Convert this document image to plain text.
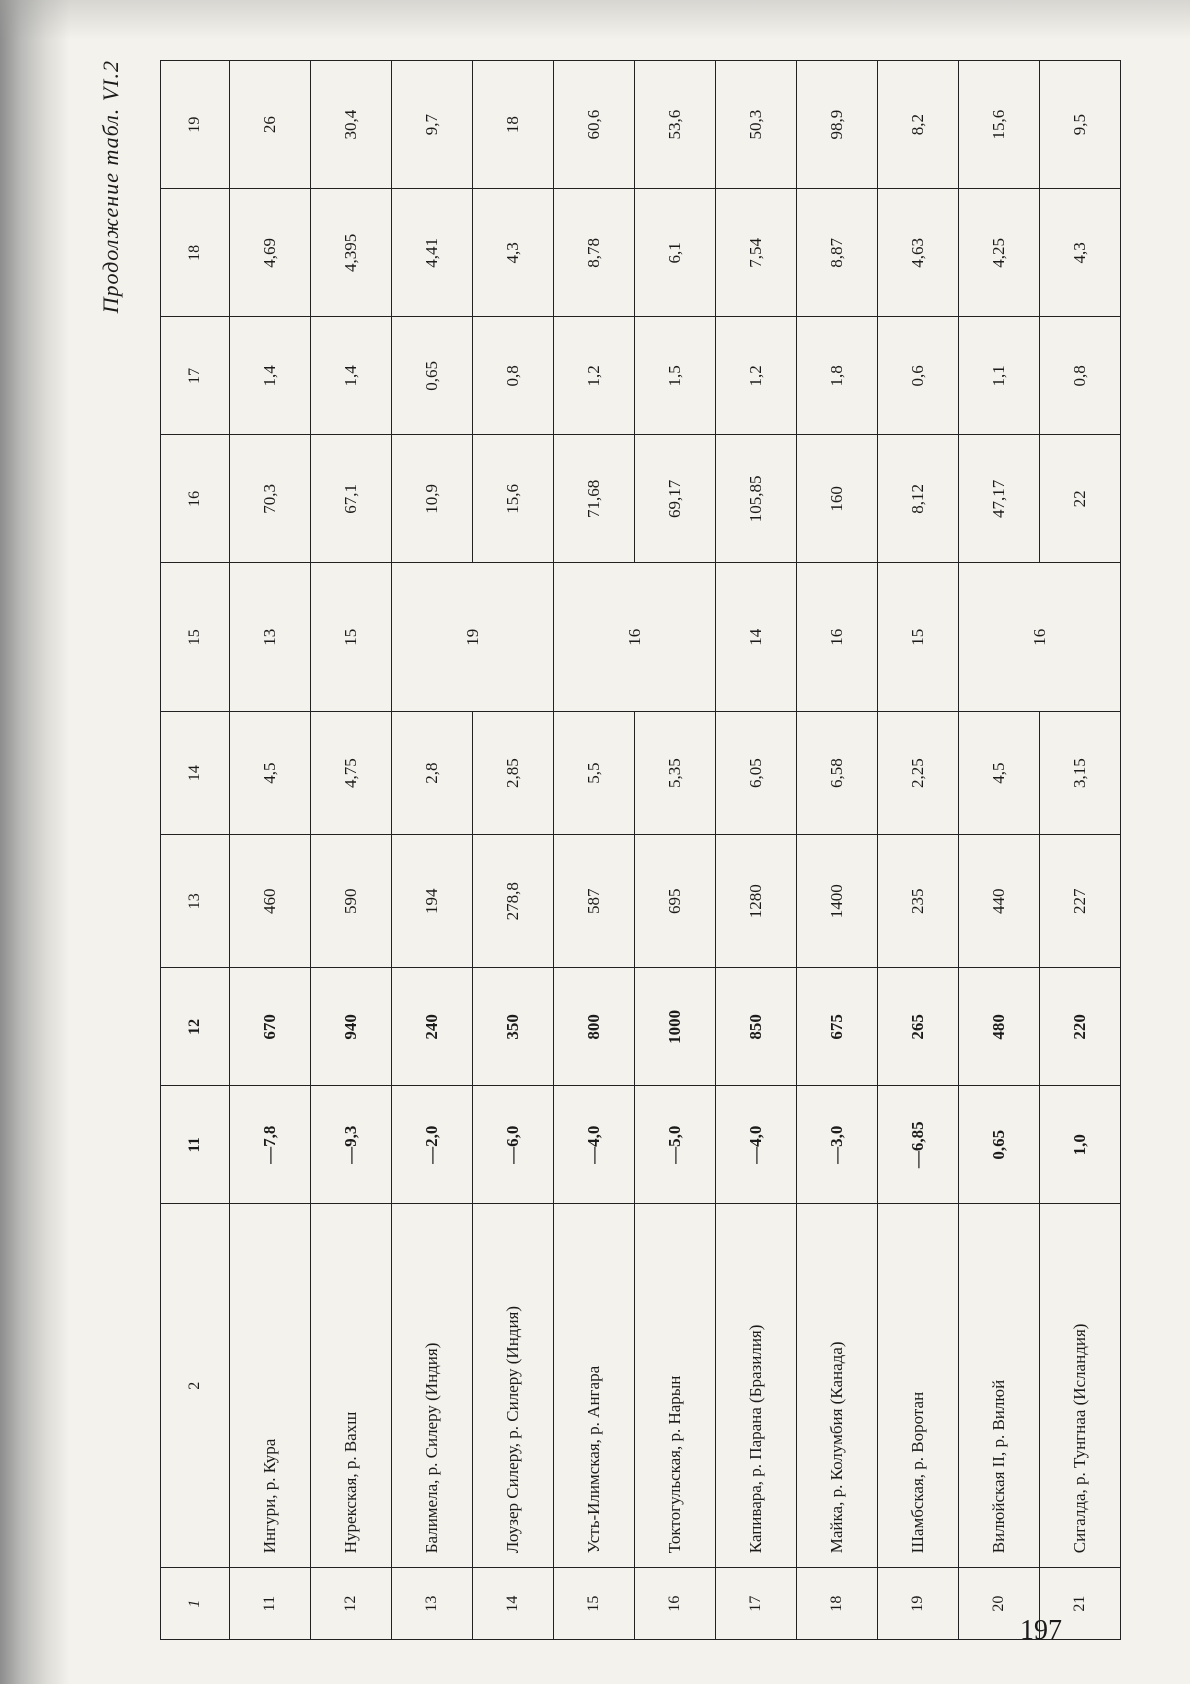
Продолжение табл. VI.2
1	2	11	12	13	14	15	16	17	18	19
11	Ингури, р. Кура	—7,8	670	460	4,5	13	70,3	1,4	4,69	26
12	Нурекская, р. Вахш	—9,3	940	590	4,75	15	67,1	1,4	4,395	30,4
13	Балимела, р. Силеру (Индия)	—2,0	240	194	2,8	19	10,9	0,65	4,41	9,7
14	Лоузер Силеру, р. Силеру (Индия)	—6,0	350	278,8	2,85		15,6	0,8	4,3	18
15	Усть-Илимская, р. Ангара	—4,0	800	587	5,5	16	71,68	1,2	8,78	60,6
16	Токтогульская, р. Нарын	—5,0	1000	695	5,35		69,17	1,5	6,1	53,6
17	Капивара, р. Парана (Бразилия)	—4,0	850	1280	6,05	14	105,85	1,2	7,54	50,3
18	Майка, р. Колумбия (Канада)	—3,0	675	1400	6,58	16	160	1,8	8,87	98,9
19	Шамбская, р. Воротан	—6,85	265	235	2,25	15	8,12	0,6	4,63	8,2
20	Вилюйская II, р. Вилюй	0,65	480	440	4,5	16	47,17	1,1	4,25	15,6
21	Сигалда, р. Тунгнаа (Исландия)	1,0	220	227	3,15		22	0,8	4,3	9,5
197
